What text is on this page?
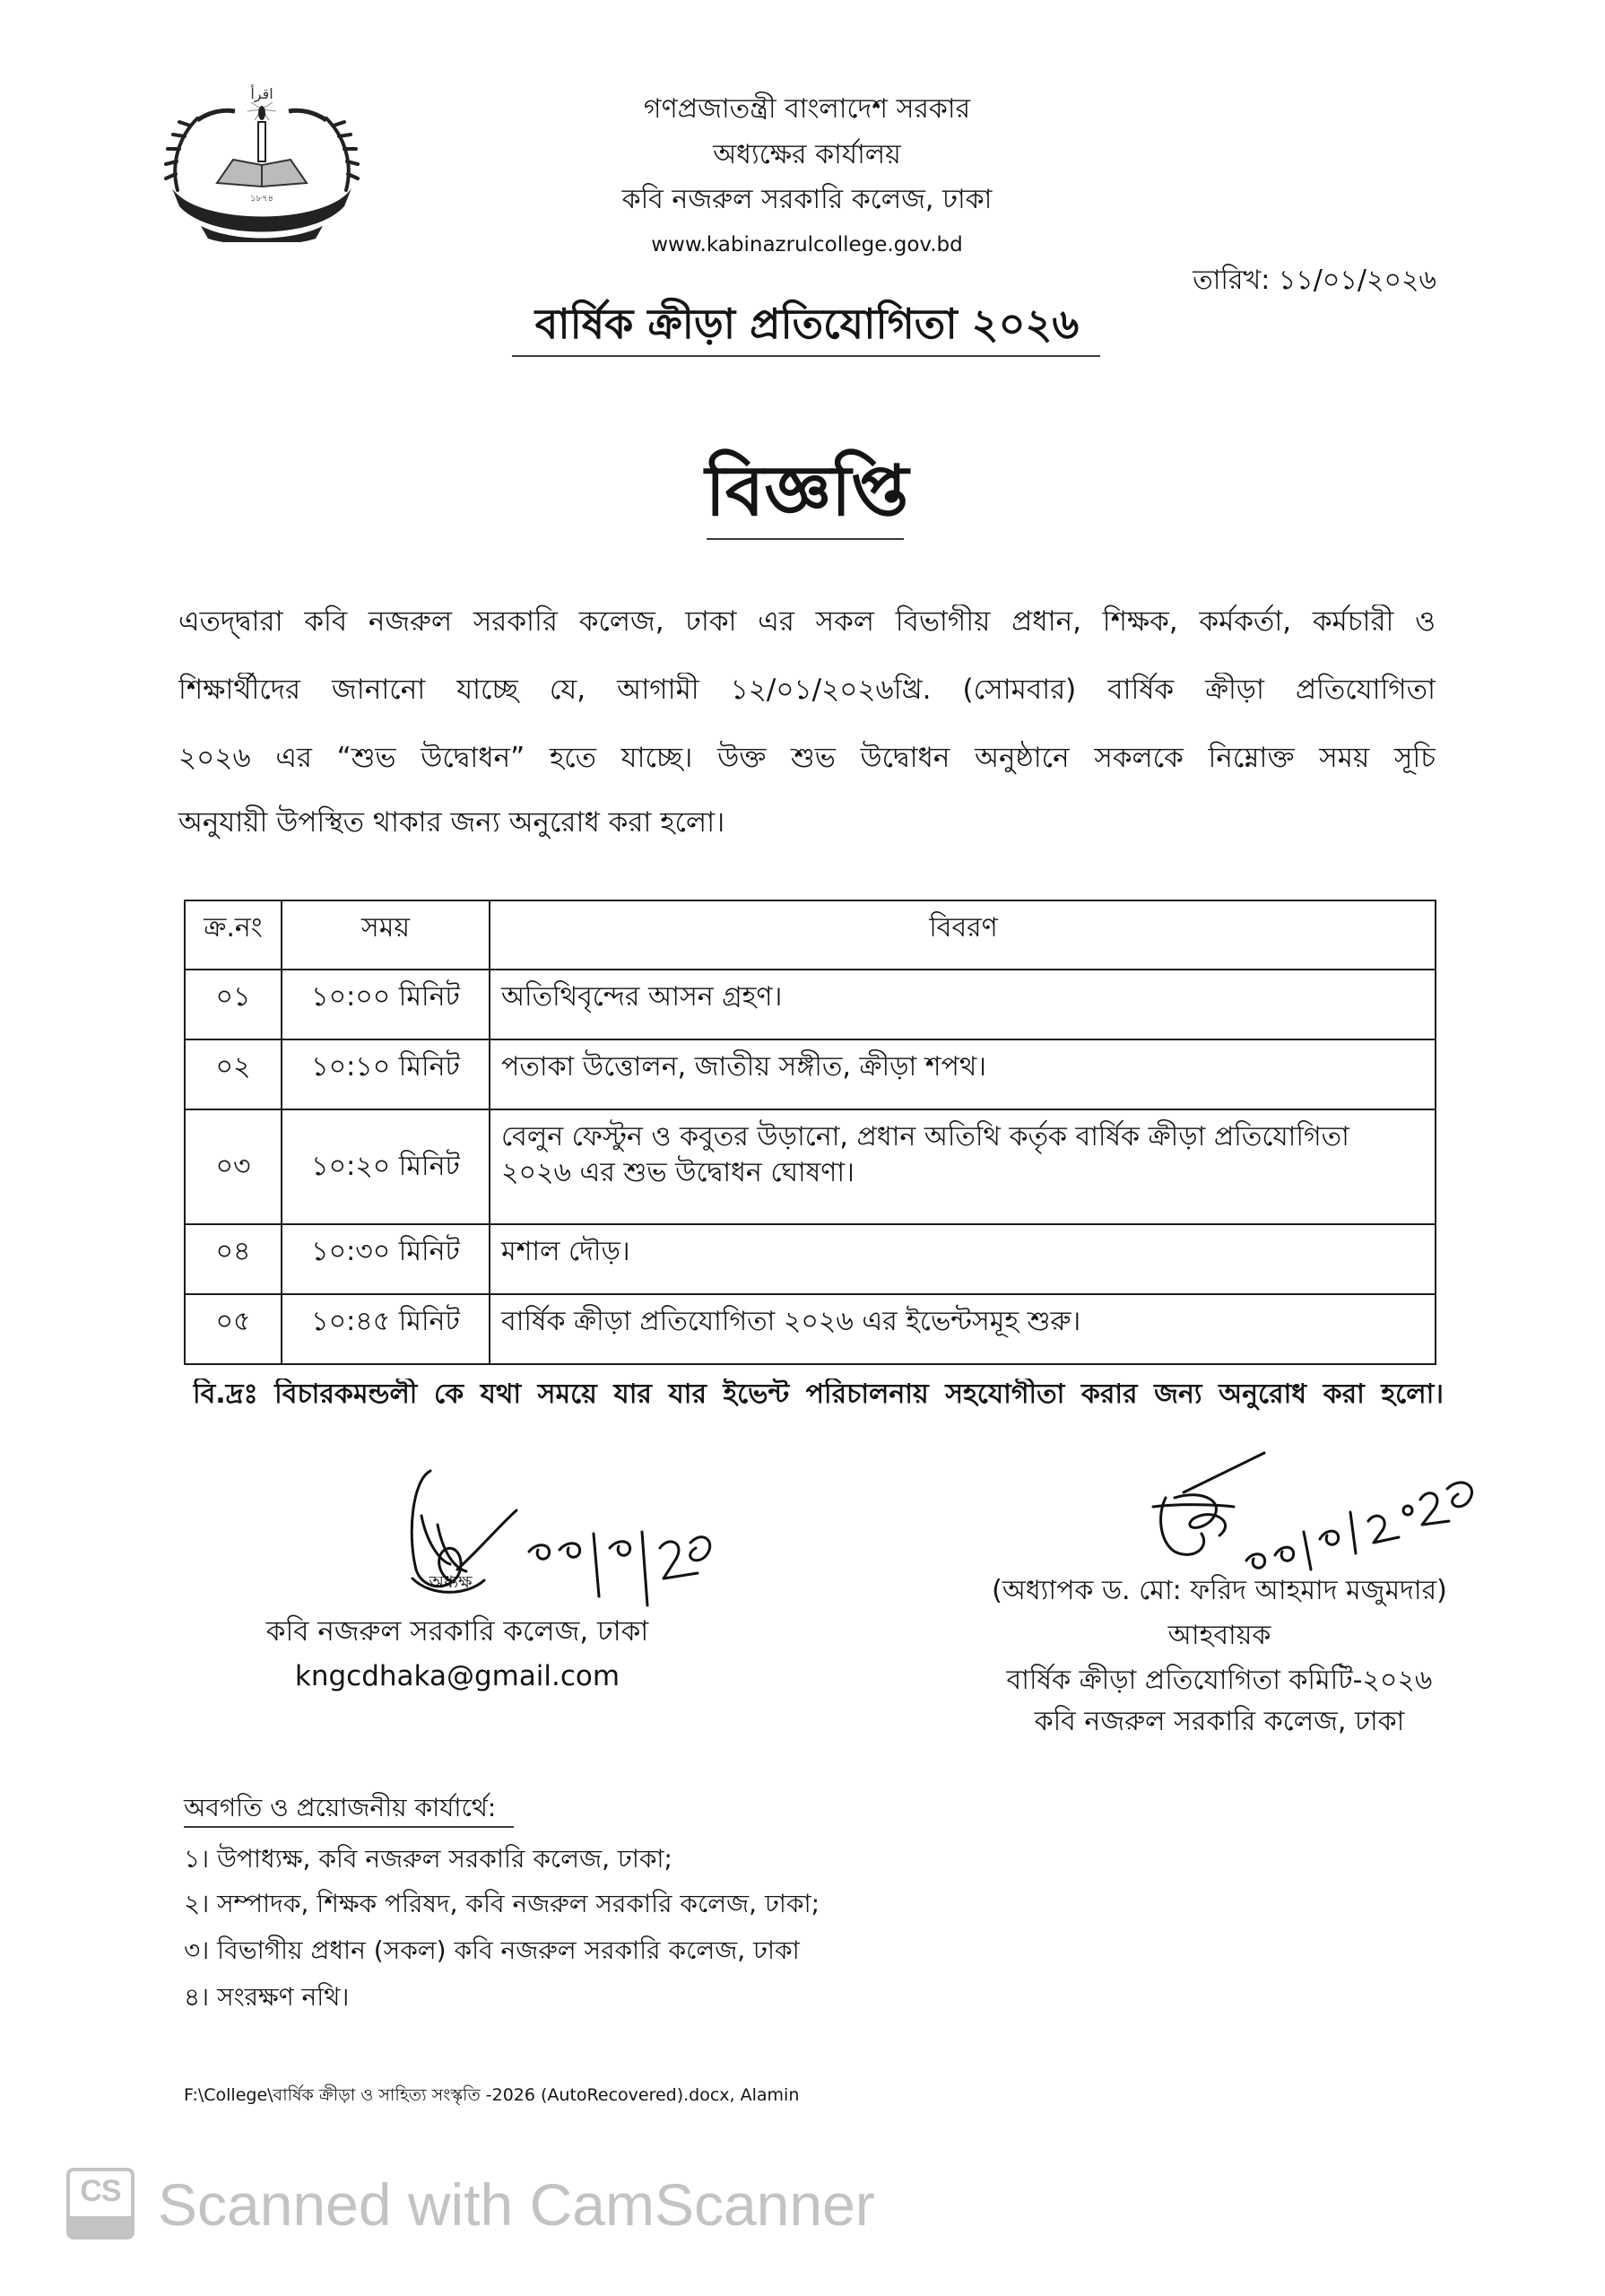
اقرأ
১৮৭৪
গণপ্রজাতন্ত্রী বাংলাদেশ সরকার
অধ্যক্ষের কার্যালয়
কবি নজরুল সরকারি কলেজ, ঢাকা
www.kabinazrulcollege.gov.bd
তারিখ: ১১/০১/২০২৬
বার্ষিক ক্রীড়া প্রতিযোগিতা ২০২৬
বিজ্ঞপ্তি
এতদ্দ্বারা কবি নজরুল সরকারি কলেজ, ঢাকা এর সকল বিভাগীয় প্রধান, শিক্ষক, কর্মকর্তা, কর্মচারী ও
শিক্ষার্থীদের জানানো যাচ্ছে যে, আগামী ১২/০১/২০২৬খ্রি. (সোমবার) বার্ষিক ক্রীড়া প্রতিযোগিতা
২০২৬ এর “শুভ উদ্বোধন” হতে যাচ্ছে। উক্ত শুভ উদ্বোধন অনুষ্ঠানে সকলকে নিম্নোক্ত সময় সূচি
অনুযায়ী উপস্থিত থাকার জন্য অনুরোধ করা হলো।
ক্র.নং	সময়	বিবরণ
০১	১০:০০ মিনিট	অতিথিবৃন্দের আসন গ্রহণ।
০২	১০:১০ মিনিট	পতাকা উত্তোলন, জাতীয় সঙ্গীত, ক্রীড়া শপথ।
০৩	১০:২০ মিনিট	বেলুন ফেস্টুন ও কবুতর উড়ানো, প্রধান অতিথি কর্তৃক বার্ষিক ক্রীড়া প্রতিযোগিতা
২০২৬ এর শুভ উদ্বোধন ঘোষণা।

০৪	১০:৩০ মিনিট	মশাল দৌড়।
০৫	১০:৪৫ মিনিট	বার্ষিক ক্রীড়া প্রতিযোগিতা ২০২৬ এর ইভেন্টসমূহ শুরু।
বি.দ্রঃ বিচারকমন্ডলী কে যথা সময়ে যার যার ইভেন্ট পরিচালনায় সহযোগীতা করার জন্য অনুরোধ করা হলো।
অধ্যক্ষ
কবি নজরুল সরকারি কলেজ, ঢাকা
kngcdhaka@gmail.com
(অধ্যাপক ড. মো: ফরিদ আহমাদ মজুমদার)
আহবায়ক
বার্ষিক ক্রীড়া প্রতিযোগিতা কমিটি-২০২৬
কবি নজরুল সরকারি কলেজ, ঢাকা
অবগতি ও প্রয়োজনীয় কার্যার্থে:
১। উপাধ্যক্ষ, কবি নজরুল সরকারি কলেজ, ঢাকা;
২। সম্পাদক, শিক্ষক পরিষদ, কবি নজরুল সরকারি কলেজ, ঢাকা;
৩। বিভাগীয় প্রধান (সকল) কবি নজরুল সরকারি কলেজ, ঢাকা
৪। সংরক্ষণ নথি।
F:\College\বার্ষিক ক্রীড়া ও সাহিত্য সংস্কৃতি -2026 (AutoRecovered).docx, Alamin
CS Scanned with CamScanner
